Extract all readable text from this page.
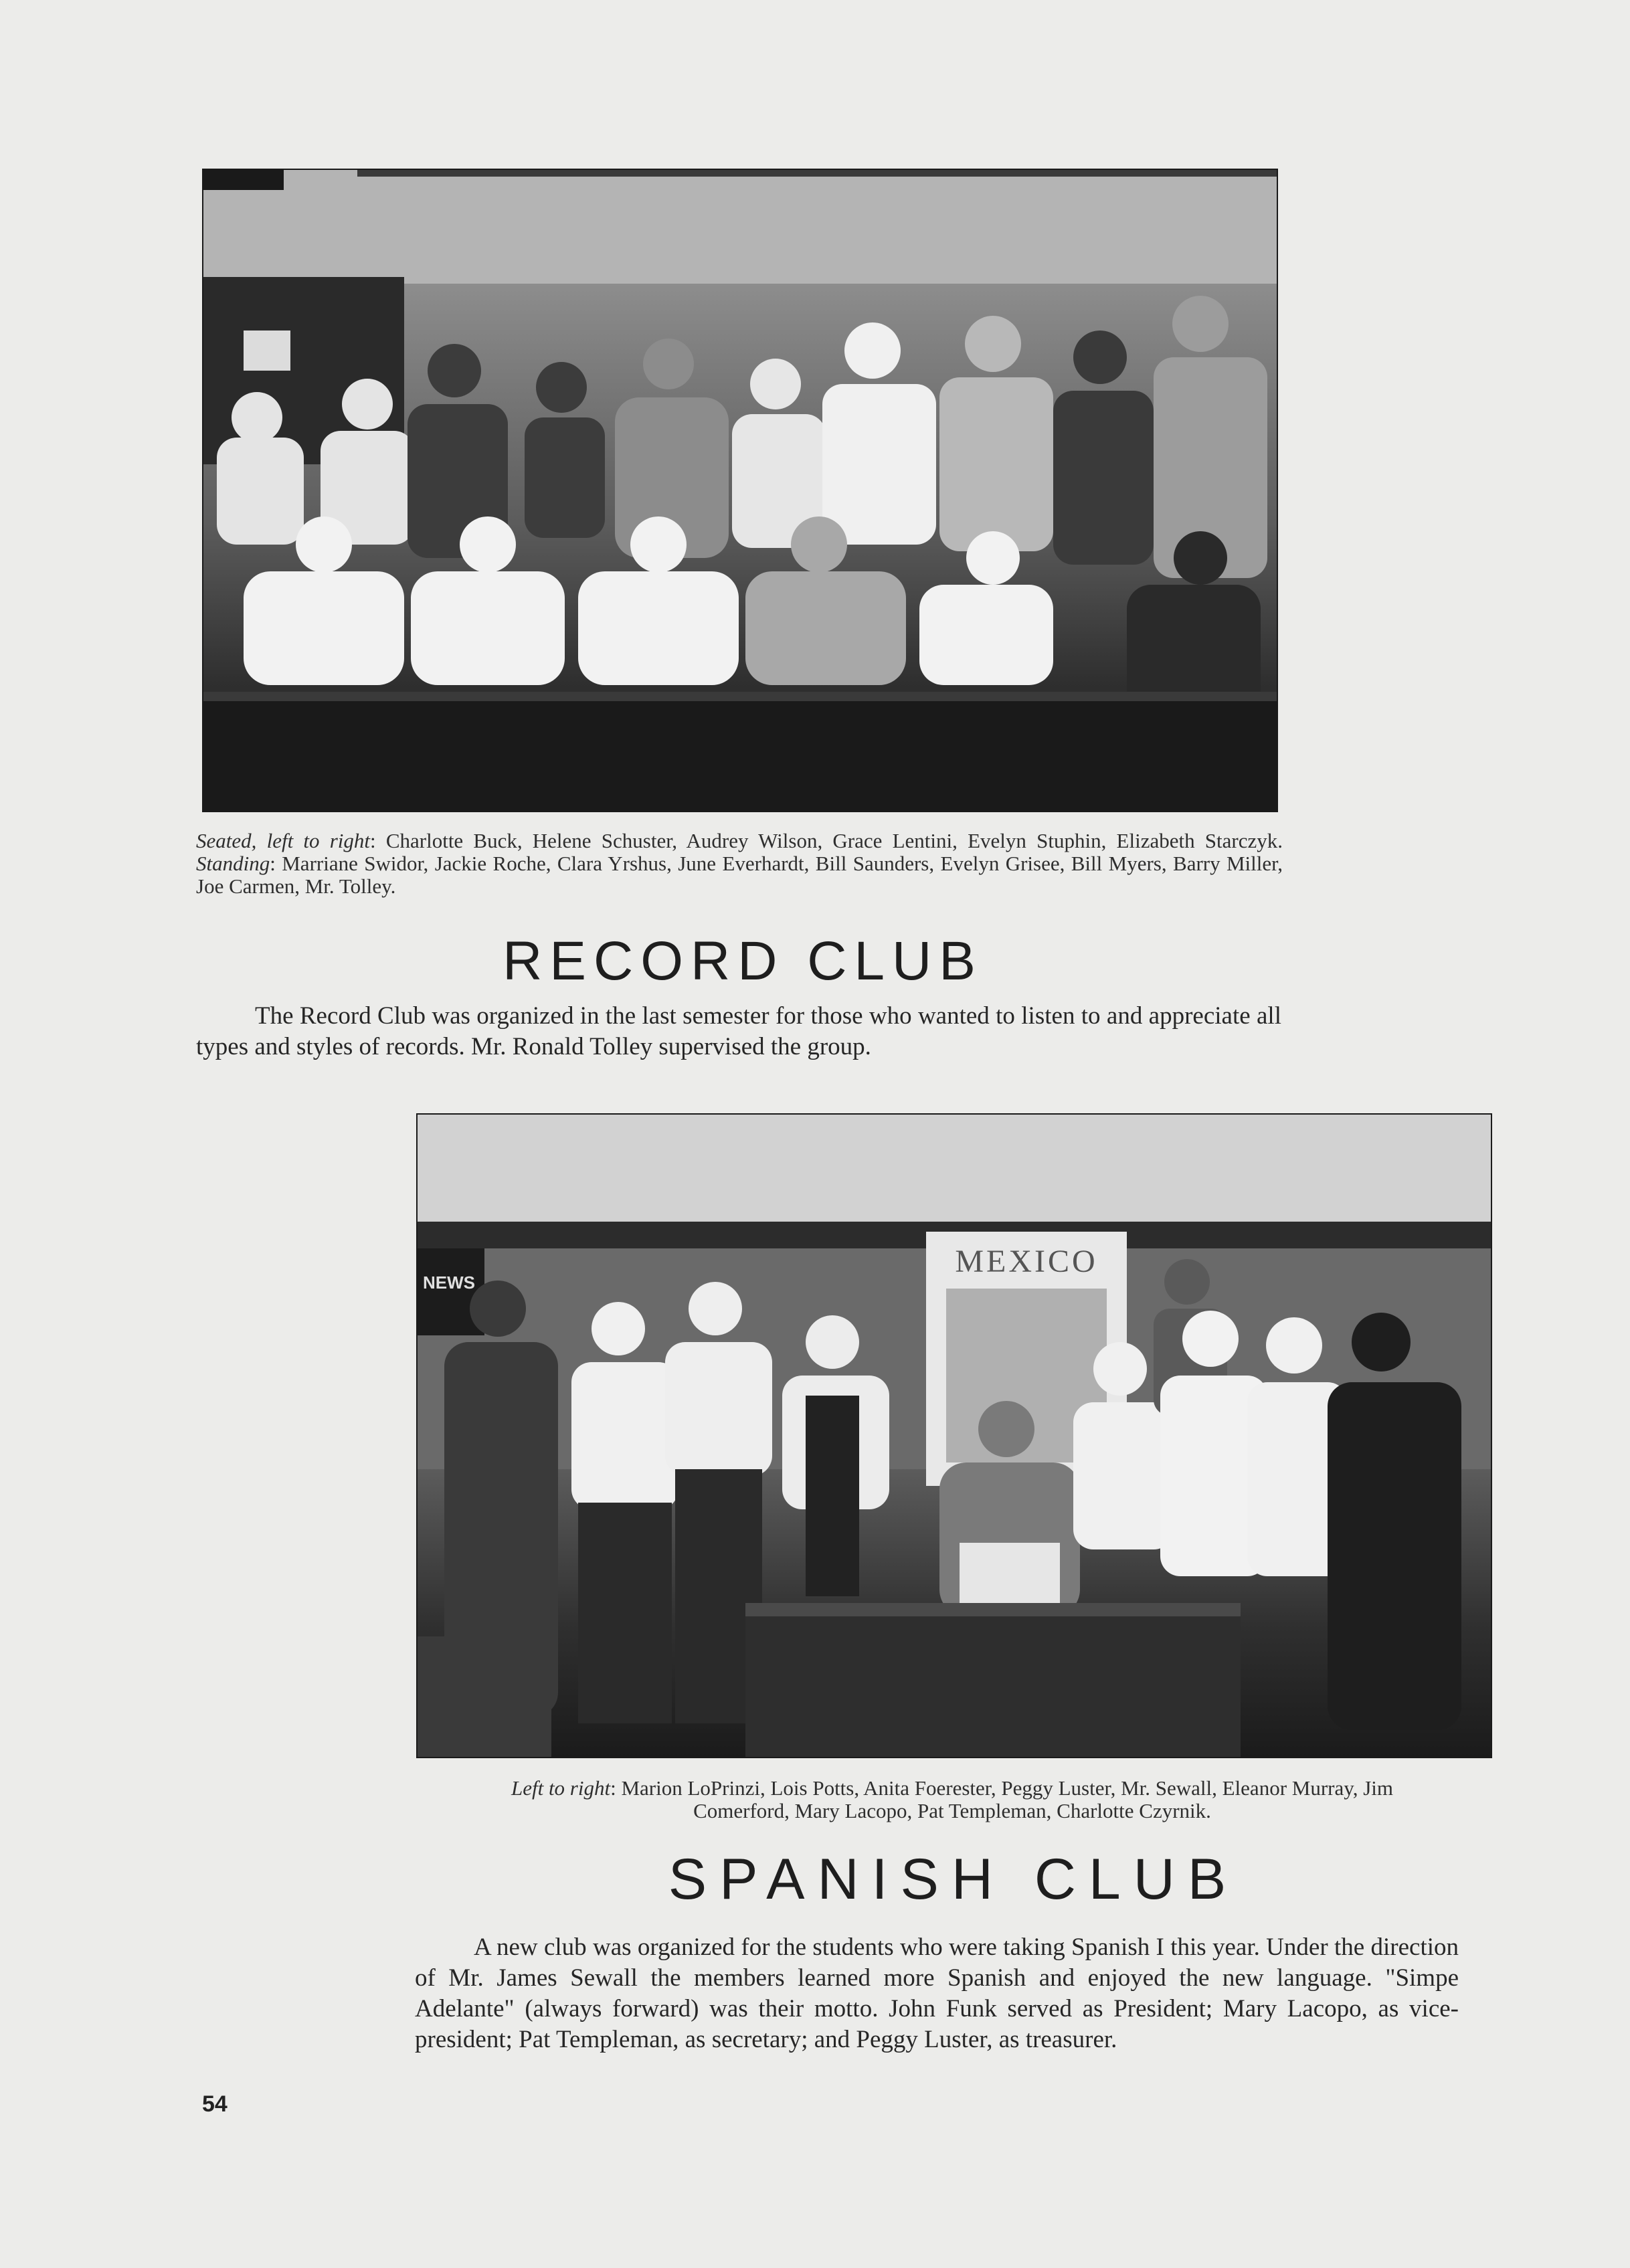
Seated, left to right: Charlotte Buck, Helene Schuster, Audrey Wilson, Grace Lentini, Evelyn Stuphin, Elizabeth Starczyk. Standing: Marriane Swidor, Jackie Roche, Clara Yrshus, June Everhardt, Bill Saunders, Evelyn Grisee, Bill Myers, Barry Miller, Joe Carmen, Mr. Tolley.
RECORD CLUB

The Record Club was organized in the last semester for those who wanted to listen to and appreciate all types and styles of records. Mr. Ronald Tolley supervised the group.

NEWS
MEXICO
Left to right: Marion LoPrinzi, Lois Potts, Anita Foerester, Peggy Luster, Mr. Sewall, Eleanor Murray, Jim Comerford, Mary Lacopo, Pat Templeman, Charlotte Czyrnik.
SPANISH CLUB

A new club was organized for the students who were taking Spanish I this year. Under the direction of Mr. James Sewall the members learned more Spanish and enjoyed the new language. "Simpe Adelante" (always forward) was their motto. John Funk served as President; Mary Lacopo, as vice-president; Pat Templeman, as secretary; and Peggy Luster, as treasurer.

54
